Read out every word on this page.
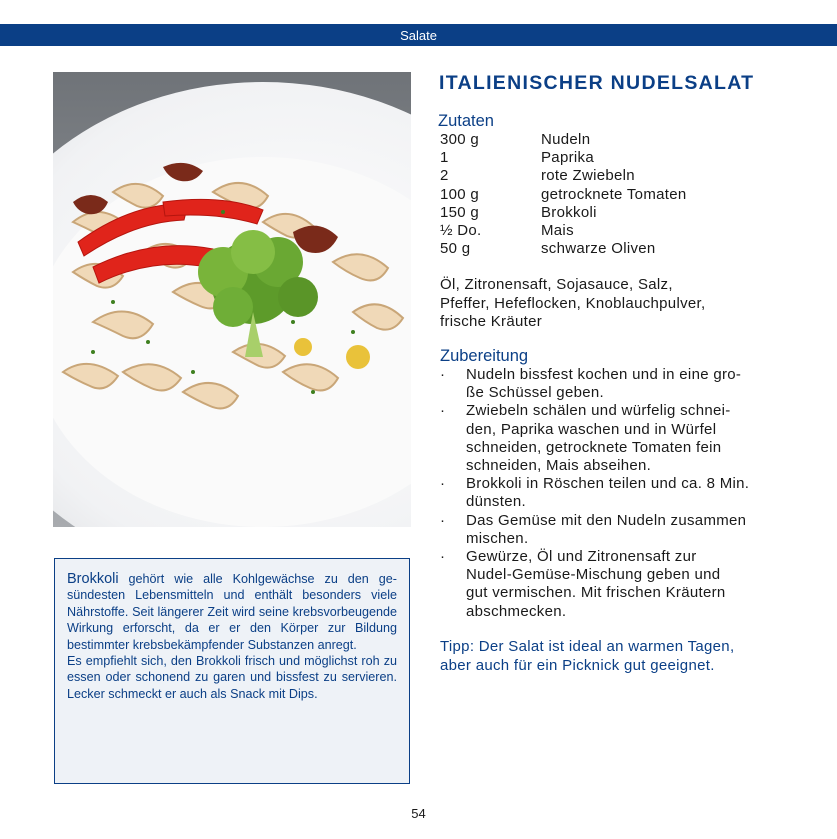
Salate

Brokkoli gehört wie alle Kohlgewächse zu den gesündesten Lebensmitteln und enthält besonders viele Nährstoffe. Seit längerer Zeit wird seine krebsvorbeugende Wirkung erforscht, da er er den Körper zur Bildung bestimmter krebsbekämpfender Substanzen anregt.

Es empfiehlt sich, den Brokkoli frisch und möglichst roh zu essen oder schonend zu garen und bissfest zu servieren. Lecker schmeckt er auch als Snack mit Dips.

ITALIENISCHER NUDELSALAT
Zutaten
300 g	Nudeln
1	Paprika
2	rote Zwiebeln
100 g	getrocknete Tomaten
150 g	Brokkoli
½ Do.	Mais
50 g	schwarze Oliven
Öl, Zitronensaft, Sojasauce, Salz,
Pfeffer, Hefeflocken, Knoblauchpulver,
frische Kräuter
Zubereitung
·	Nudeln bissfest kochen und in eine gro-
ße Schüssel geben.
·	Zwiebeln schälen und würfelig schnei-
den, Paprika waschen und in Würfel
schneiden, getrocknete Tomaten fein
schneiden, Mais abseihen.
·	Brokkoli in Röschen teilen und ca. 8 Min.
dünsten.
·	Das Gemüse mit den Nudeln zusammen
mischen.
·	Gewürze, Öl und Zitronensaft zur
Nudel-Gemüse-Mischung geben und
gut vermischen. Mit frischen Kräutern
abschmecken.
Tipp: Der Salat ist ideal an warmen Tagen,
aber auch für ein Picknick gut geeignet.
54
